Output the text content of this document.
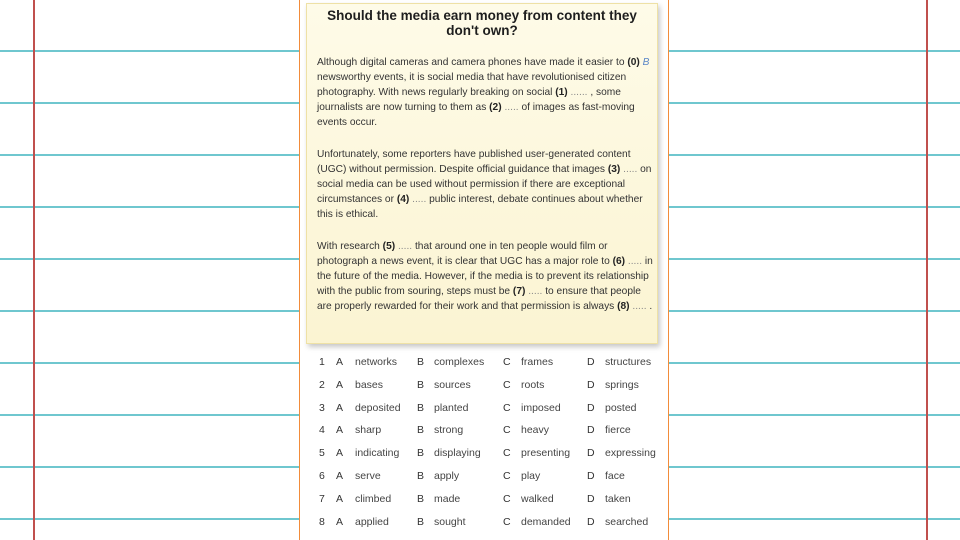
Should the media earn money from content they don't own?
Although digital cameras and camera phones have made it easier to (0) B newsworthy events, it is social media that have revolutionised citizen photography. With news regularly breaking on social (1) ...... , some journalists are now turning to them as (2) ..... of images as fast-moving events occur.
Unfortunately, some reporters have published user-generated content (UGC) without permission. Despite official guidance that images (3) ..... on social media can be used without permission if there are exceptional circumstances or (4) ..... public interest, debate continues about whether this is ethical.
With research (5) ..... that around one in ten people would film or photograph a news event, it is clear that UGC has a major role to (6) ..... in the future of the media. However, if the media is to prevent its relationship with the public from souring, steps must be (7) ..... to ensure that people are properly rewarded for their work and that permission is always (8) ..... .
1 A networks B complexes C frames	D structures
2 A bases	B sources	C roots	D springs
3 A deposited B planted	C imposed	D posted
4 A sharp	B strong	C heavy	D fierce
5 A indicating B displaying C presenting D expressing
6 A serve	B apply	C play	D face
7 A climbed B made	C walked	D taken
8 A applied	B sought	C demanded D searched
